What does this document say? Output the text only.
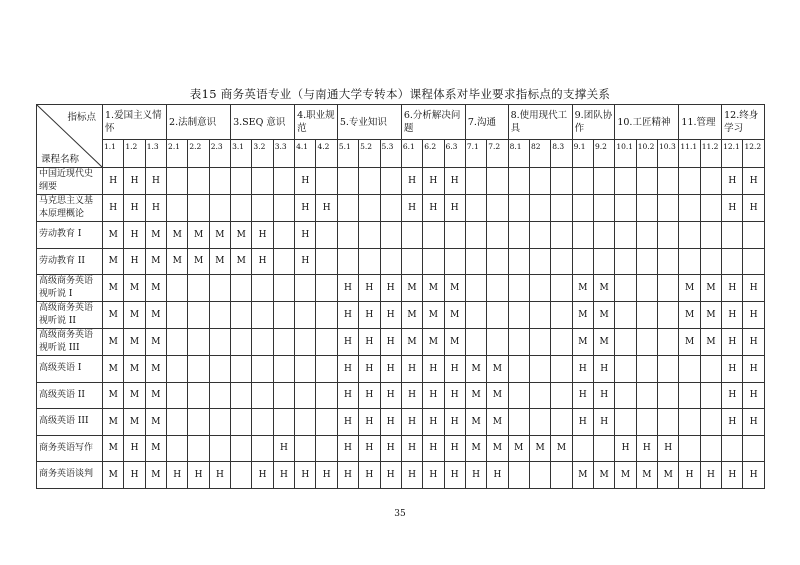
表15 商务英语专业（与南通大学专转本）课程体系对毕业要求指标点的支撑关系
指标点
课程名称	1.爱国主义情怀			2.法制意识			3.SEQ 意识			4.职业规范		5.专业知识			6.分析解决问题			7.沟通		8.使用现代工具			9.团队协作		10.工匠精神			11.管理		12.终身学习	
	1.1	1.2	1.3	2.1	2.2	2.3	3.1	3.2	3.3	4.1	4.2	5.1	5.2	5.3	6.1	6.2	6.3	7.1	7.2	8.1	82	8.3	9.1	9.2	10.1	10.2	10.3	11.1	11.2	12.1	12.2
中国近现代史纲要	H	H	H							H					H	H	H													H	H
马克思主义基本原理概论	H	H	H							H	H				H	H	H													H	H
劳动教育 I	M	H	M	M	M	M	M	H		H																					
劳动教育 II	M	H	M	M	M	M	M	H		H																					
高级商务英语视听说 I	M	M	M									H	H	H	M	M	M						M	M				M	M	H	H
高级商务英语视听说 II	M	M	M									H	H	H	M	M	M						M	M				M	M	H	H
高级商务英语视听说 III	M	M	M									H	H	H	M	M	M						M	M				M	M	H	H
高级英语 I	M	M	M									H	H	H	H	H	H	M	M				H	H						H	H
高级英语 II	M	M	M									H	H	H	H	H	H	M	M				H	H						H	H
高级英语 III	M	M	M									H	H	H	H	H	H	M	M				H	H						H	H
商务英语写作	M	H	M						H			H	H	H	H	H	H	M	M	M	M	M			H	H	H				
商务英语谈判	M	H	M	H	H	H		H	H	H	H	H	H	H	H	H	H	H	H				M	M	M	M	M	H	H	H	H
35
